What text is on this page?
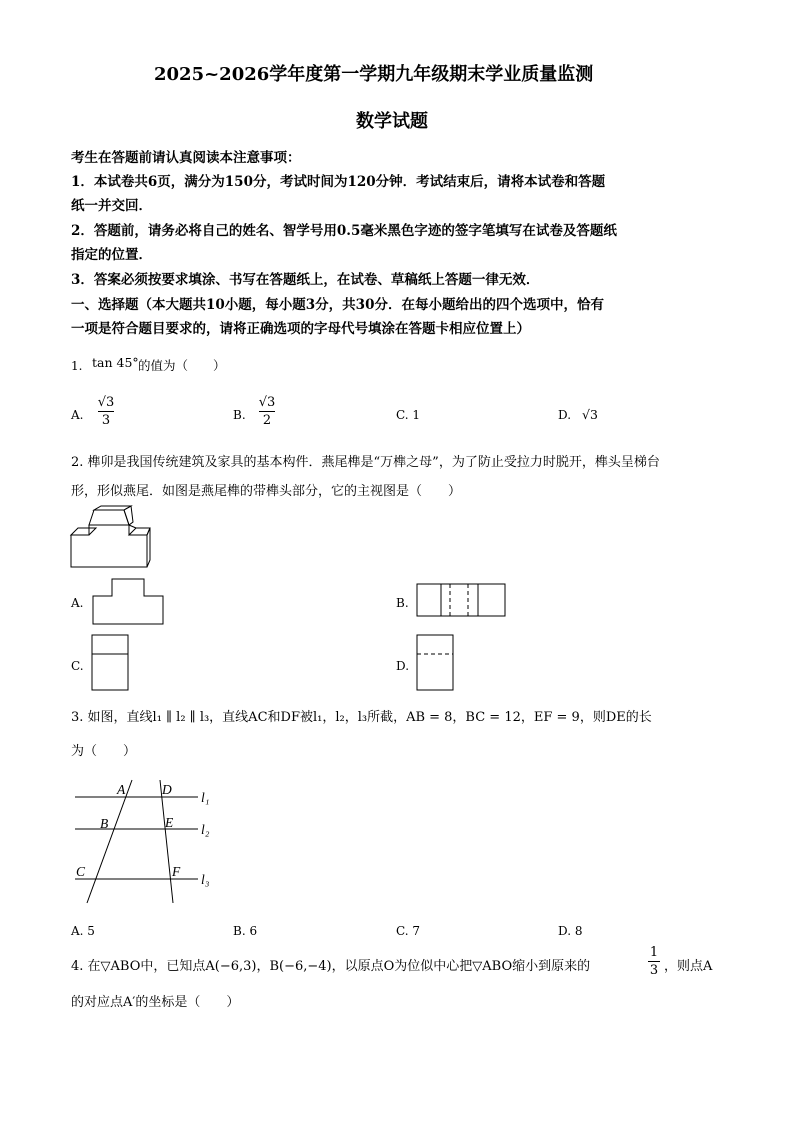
2025~2026学年度第一学期九年级期末学业质量监测
数学试题
考生在答题前请认真阅读本注意事项：
1．本试卷共6页，满分为150分，考试时间为120分钟．考试结束后，请将本试卷和答题
纸一并交回．
2．答题前，请务必将自己的姓名、智学号用0.5毫米黑色字迹的签字笔填写在试卷及答题纸
指定的位置．
3．答案必须按要求填涂、书写在答题纸上，在试卷、草稿纸上答题一律无效．
一、选择题（本大题共10小题，每小题3分，共30分．在每小题给出的四个选项中，恰有
一项是符合题目要求的，请将正确选项的字母代号填涂在答题卡相应位置上）
1. tan 45° 的值为（　　）
A.
√3
3	B.
√3
2	C. 1	D. √3
2. 榫卯是我国传统建筑及家具的基本构件．燕尾榫是“万榫之母”，为了防止受拉力时脱开，榫头呈梯台
形，形似燕尾．如图是燕尾榫的带榫头部分，它的主视图是（　　）
A.	B.
C.	D.
3. 如图，直线l₁ ∥ l₂ ∥ l₃，直线AC和DF被l₁，l₂，l₃所截，AB = 8，BC = 12，EF = 9，则DE的长
为（　　）
A
B
C
D
E
F
l₁
l₂
l₃
A. 5	B. 6	C. 7	D. 8
4. 在▽ABO中，已知点A(−6,3)，B(−6,−4)，以原点O为位似中心把▽ABO缩小到原来的
1
3 ，则点A
的对应点A′的坐标是（　　）
